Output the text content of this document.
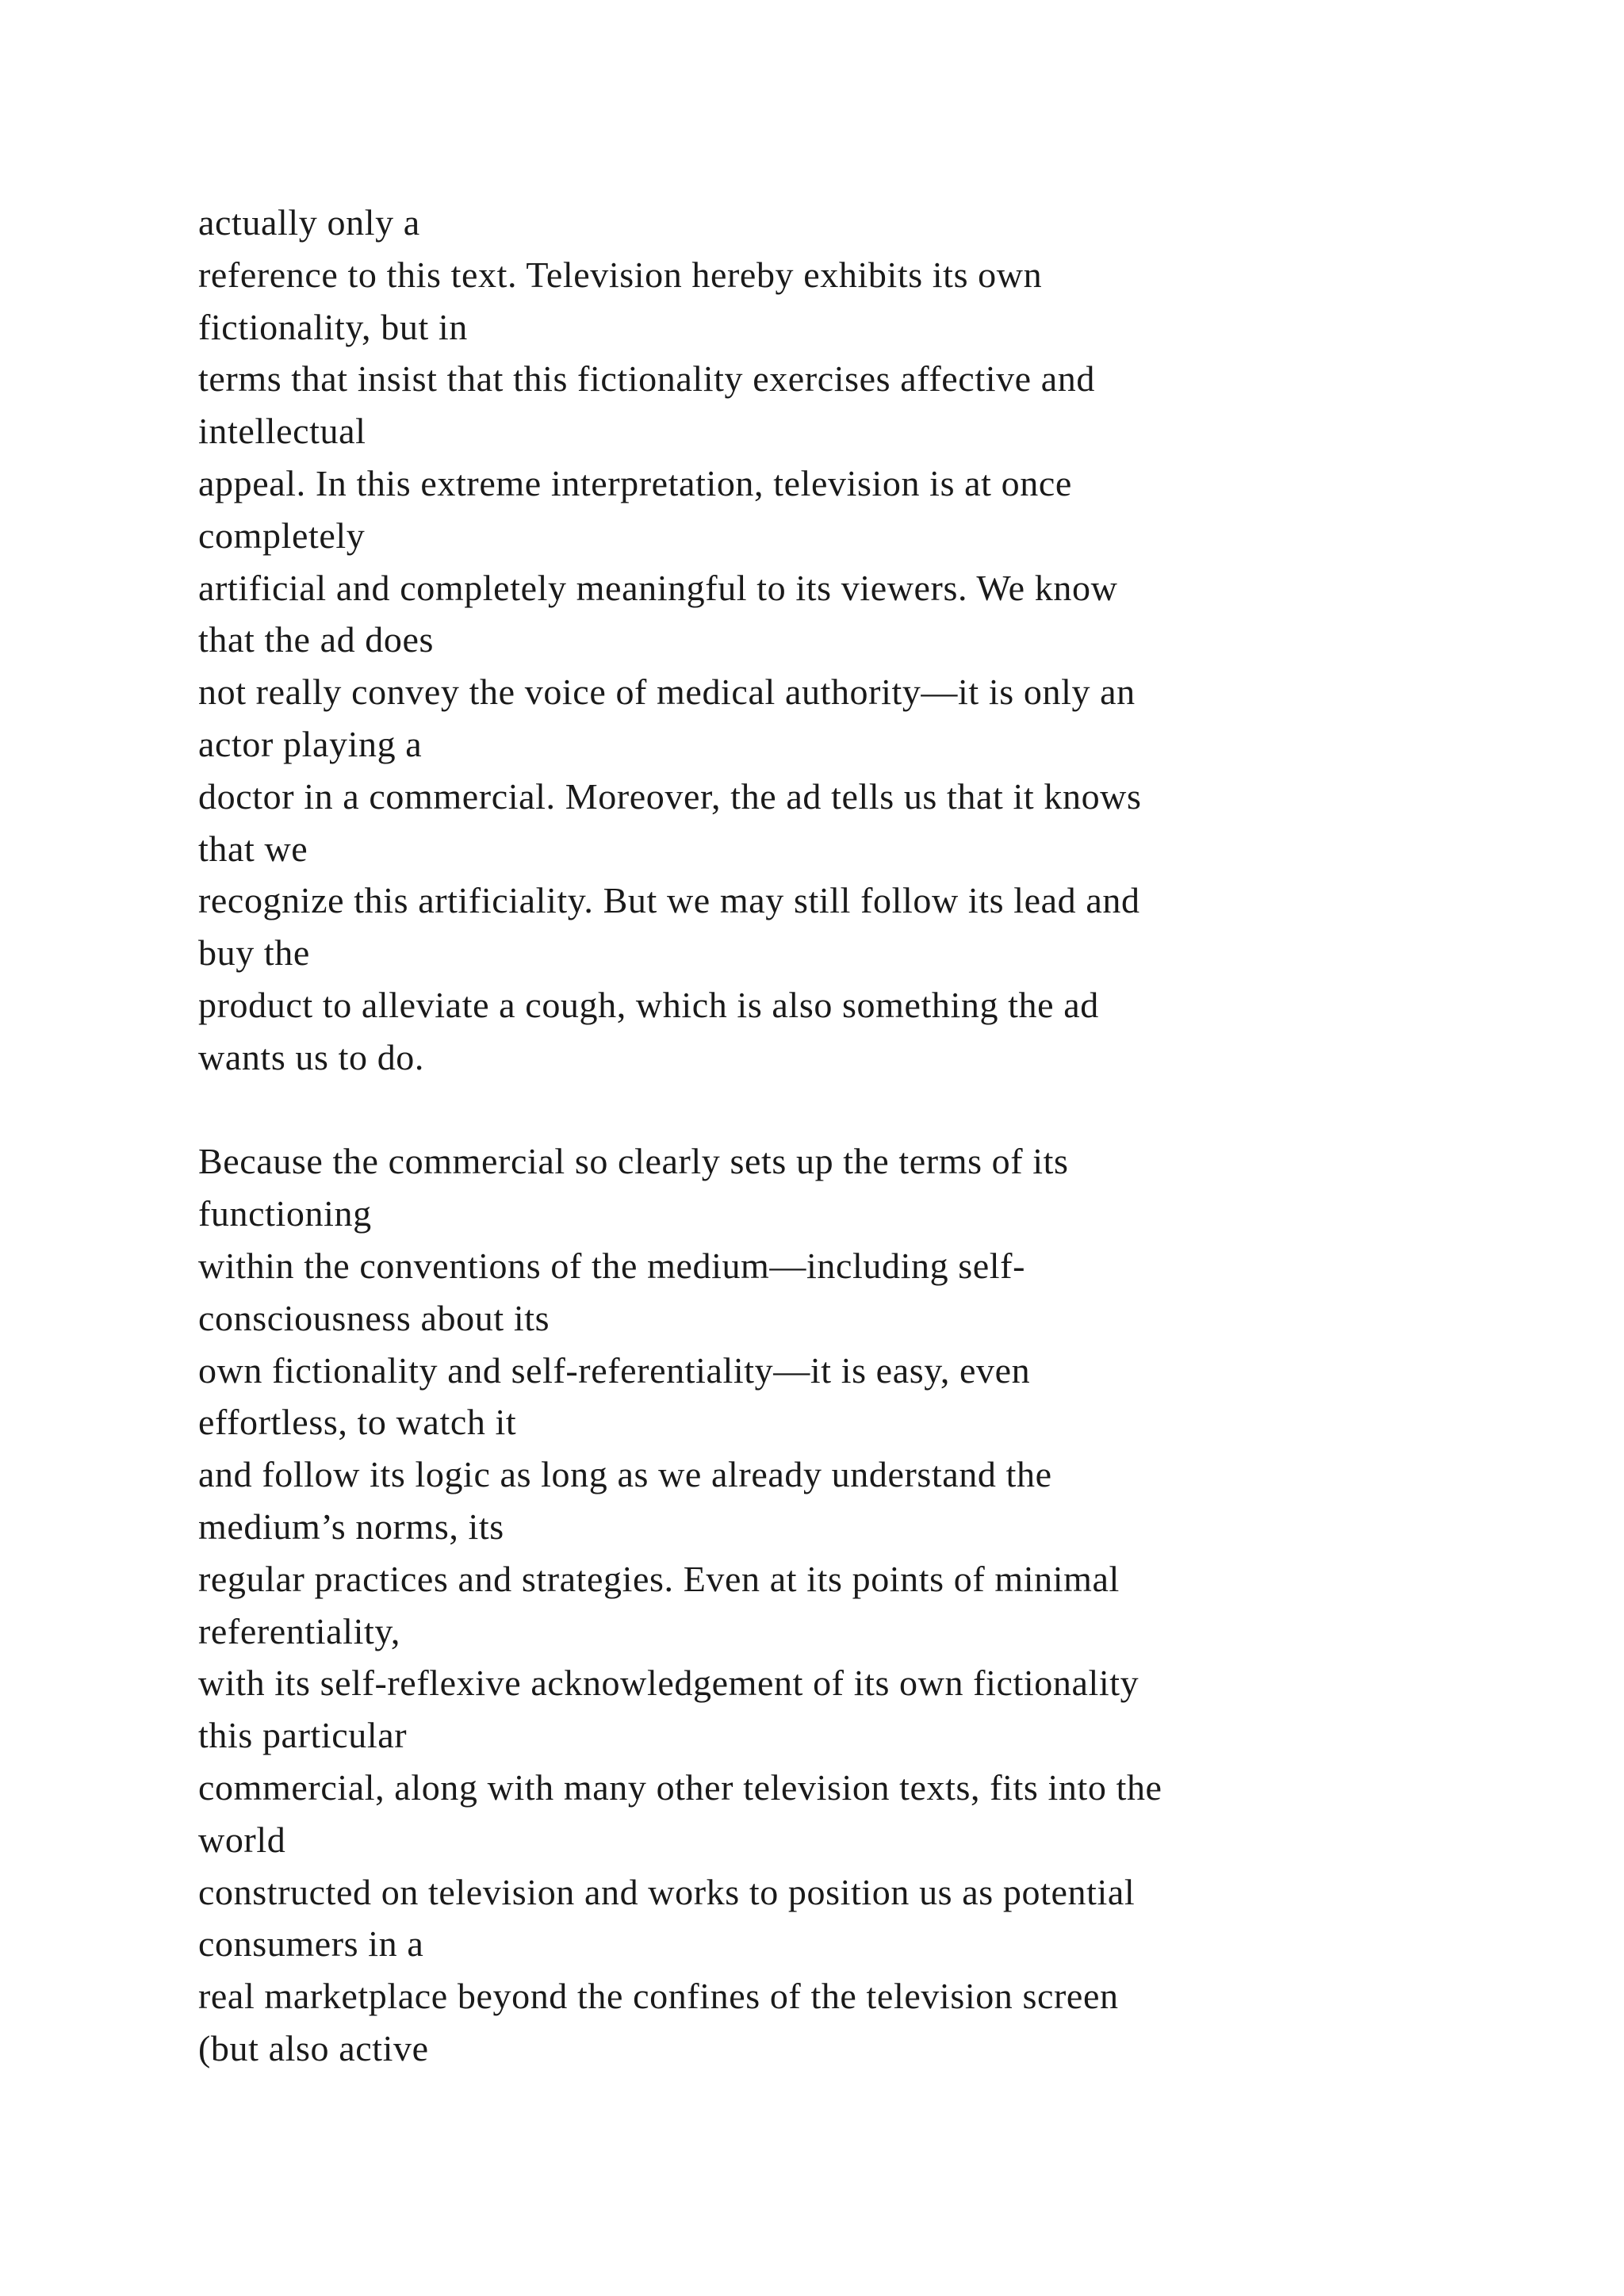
actually only a
reference to this text. Television hereby exhibits its own
fictionality, but in
terms that insist that this fictionality exercises affective and
intellectual
appeal. In this extreme interpretation, television is at once
completely
artificial and completely meaningful to its viewers. We know
that the ad does
not really convey the voice of medical authority—it is only an
actor playing a
doctor in a commercial. Moreover, the ad tells us that it knows
that we
recognize this artificiality. But we may still follow its lead and
buy the
product to alleviate a cough, which is also something the ad
wants us to do.

Because the commercial so clearly sets up the terms of its
functioning
within the conventions of the medium—including self-
consciousness about its
own fictionality and self-referentiality—it is easy, even
effortless, to watch it
and follow its logic as long as we already understand the
medium’s norms, its
regular practices and strategies. Even at its points of minimal
referentiality,
with its self-reflexive acknowledgement of its own fictionality
this particular
commercial, along with many other television texts, fits into the
world
constructed on television and works to position us as potential
consumers in a
real marketplace beyond the confines of the television screen
(but also active
